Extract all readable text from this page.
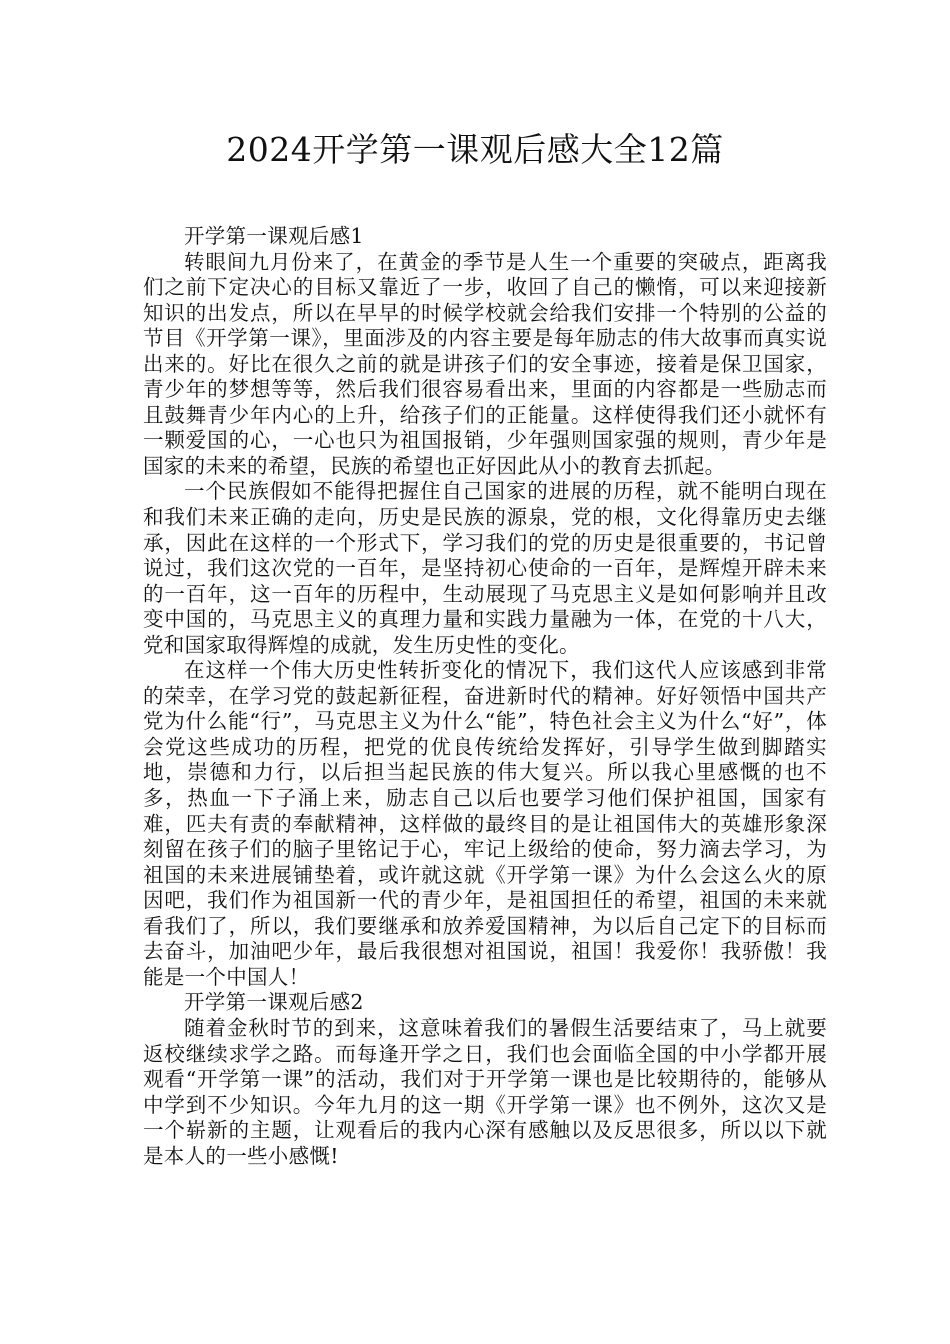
2024开学第一课观后感大全12篇

开学第一课观后感1

转眼间九月份来了，在黄金的季节是人生一个重要的突破点，距离我们之前下定决心的目标又靠近了一步，收回了自己的懒惰，可以来迎接新知识的出发点，所以在早早的时候学校就会给我们安排一个特别的公益的节目《开学第一课》，里面涉及的内容主要是每年励志的伟大故事而真实说出来的。好比在很久之前的就是讲孩子们的安全事迹，接着是保卫国家，青少年的梦想等等，然后我们很容易看出来，里面的内容都是一些励志而且鼓舞青少年内心的上升，给孩子们的正能量。这样使得我们还小就怀有一颗爱国的心，一心也只为祖国报销，少年强则国家强的规则，青少年是国家的未来的希望，民族的希望也正好因此从小的教育去抓起。

一个民族假如不能得把握住自己国家的进展的历程，就不能明白现在和我们未来正确的走向，历史是民族的源泉，党的根，文化得靠历史去继承，因此在这样的一个形式下，学习我们的党的历史是很重要的，书记曾说过，我们这次党的一百年，是坚持初心使命的一百年，是辉煌开辟未来的一百年，这一百年的历程中，生动展现了马克思主义是如何影响并且改变中国的，马克思主义的真理力量和实践力量融为一体，在党的十八大，党和国家取得辉煌的成就，发生历史性的变化。

在这样一个伟大历史性转折变化的情况下，我们这代人应该感到非常的荣幸，在学习党的鼓起新征程，奋进新时代的精神。好好领悟中国共产党为什么能“行”，马克思主义为什么“能”，特色社会主义为什么“好”，体会党这些成功的历程，把党的优良传统给发挥好，引导学生做到脚踏实地，崇德和力行，以后担当起民族的伟大复兴。所以我心里感慨的也不多，热血一下子涌上来，励志自己以后也要学习他们保护祖国，国家有难，匹夫有责的奉献精神，这样做的最终目的是让祖国伟大的英雄形象深刻留在孩子们的脑子里铭记于心，牢记上级给的使命，努力滴去学习，为祖国的未来进展铺垫着，或许就这就《开学第一课》为什么会这么火的原因吧，我们作为祖国新一代的青少年，是祖国担任的希望，祖国的未来就看我们了，所以，我们要继承和放养爱国精神，为以后自己定下的目标而去奋斗，加油吧少年，最后我很想对祖国说，祖国！我爱你！我骄傲！我能是一个中国人！

开学第一课观后感2

随着金秋时节的到来，这意味着我们的暑假生活要结束了，马上就要返校继续求学之路。而每逢开学之日，我们也会面临全国的中小学都开展观看“开学第一课”的活动，我们对于开学第一课也是比较期待的，能够从中学到不少知识。今年九月的这一期《开学第一课》也不例外，这次又是一个崭新的主题，让观看后的我内心深有感触以及反思很多，所以以下就是本人的一些小感慨!
